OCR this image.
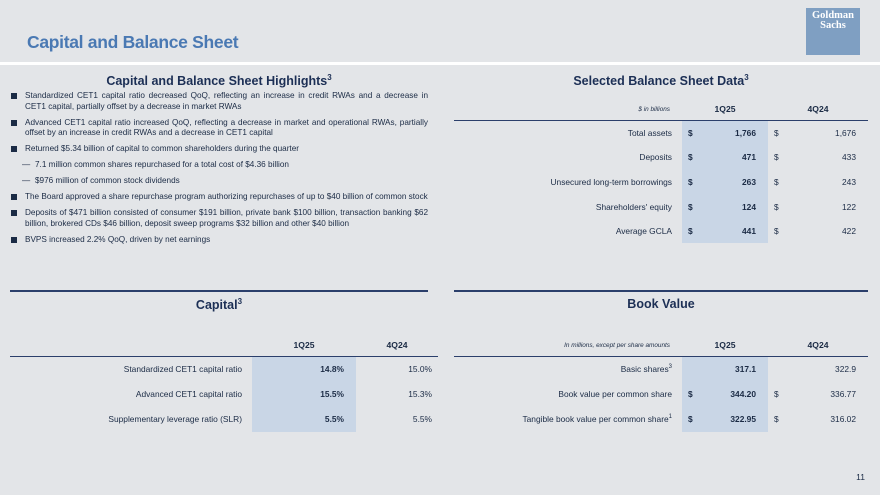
Capital and Balance Sheet
Goldman
Sachs
Capital and Balance Sheet Highlights$^3$
Standardized CET1 capital ratio decreased QoQ, reflecting an increase in credit RWAs and a decrease in CET1 capital, partially offset by a decrease in market RWAs
Advanced CET1 capital ratio increased QoQ, reflecting a decrease in market and operational RWAs, partially offset by an increase in credit RWAs and a decrease in CET1 capital
Returned $5.34 billion of capital to common shareholders during the quarter
— 7.1 million common shares repurchased for a total cost of $4.36 billion
— $976 million of common stock dividends
The Board approved a share repurchase program authorizing repurchases of up to $40 billion of common stock
Deposits of $471 billion consisted of consumer $191 billion, private bank $100 billion, transaction banking $62 billion, brokered CDs $46 billion, deposit sweep programs $32 billion and other $40 billion
BVPS increased 2.2% QoQ, driven by net earnings
Selected Balance Sheet Data$^3$
$ in billions	1Q25		4Q24	
Total assets	$	1,766	$	1,676
Deposits	$	471	$	433
Unsecured long-term borrowings	$	263	$	243
Shareholders' equity	$	124	$	122
Average GCLA	$	441	$	422
Capital$^3$
	1Q25	4Q24
Standardized CET1 capital ratio	14.8%	15.0%
Advanced CET1 capital ratio	15.5%	15.3%
Supplementary leverage ratio (SLR)	5.5%	5.5%
Book Value
In millions, except per share amounts	1Q25		4Q24	
Basic shares$^3$		317.1		322.9
Book value per common share	$	344.20	$	336.77
Tangible book value per common share$^1$	$	322.95	$	316.02
11
